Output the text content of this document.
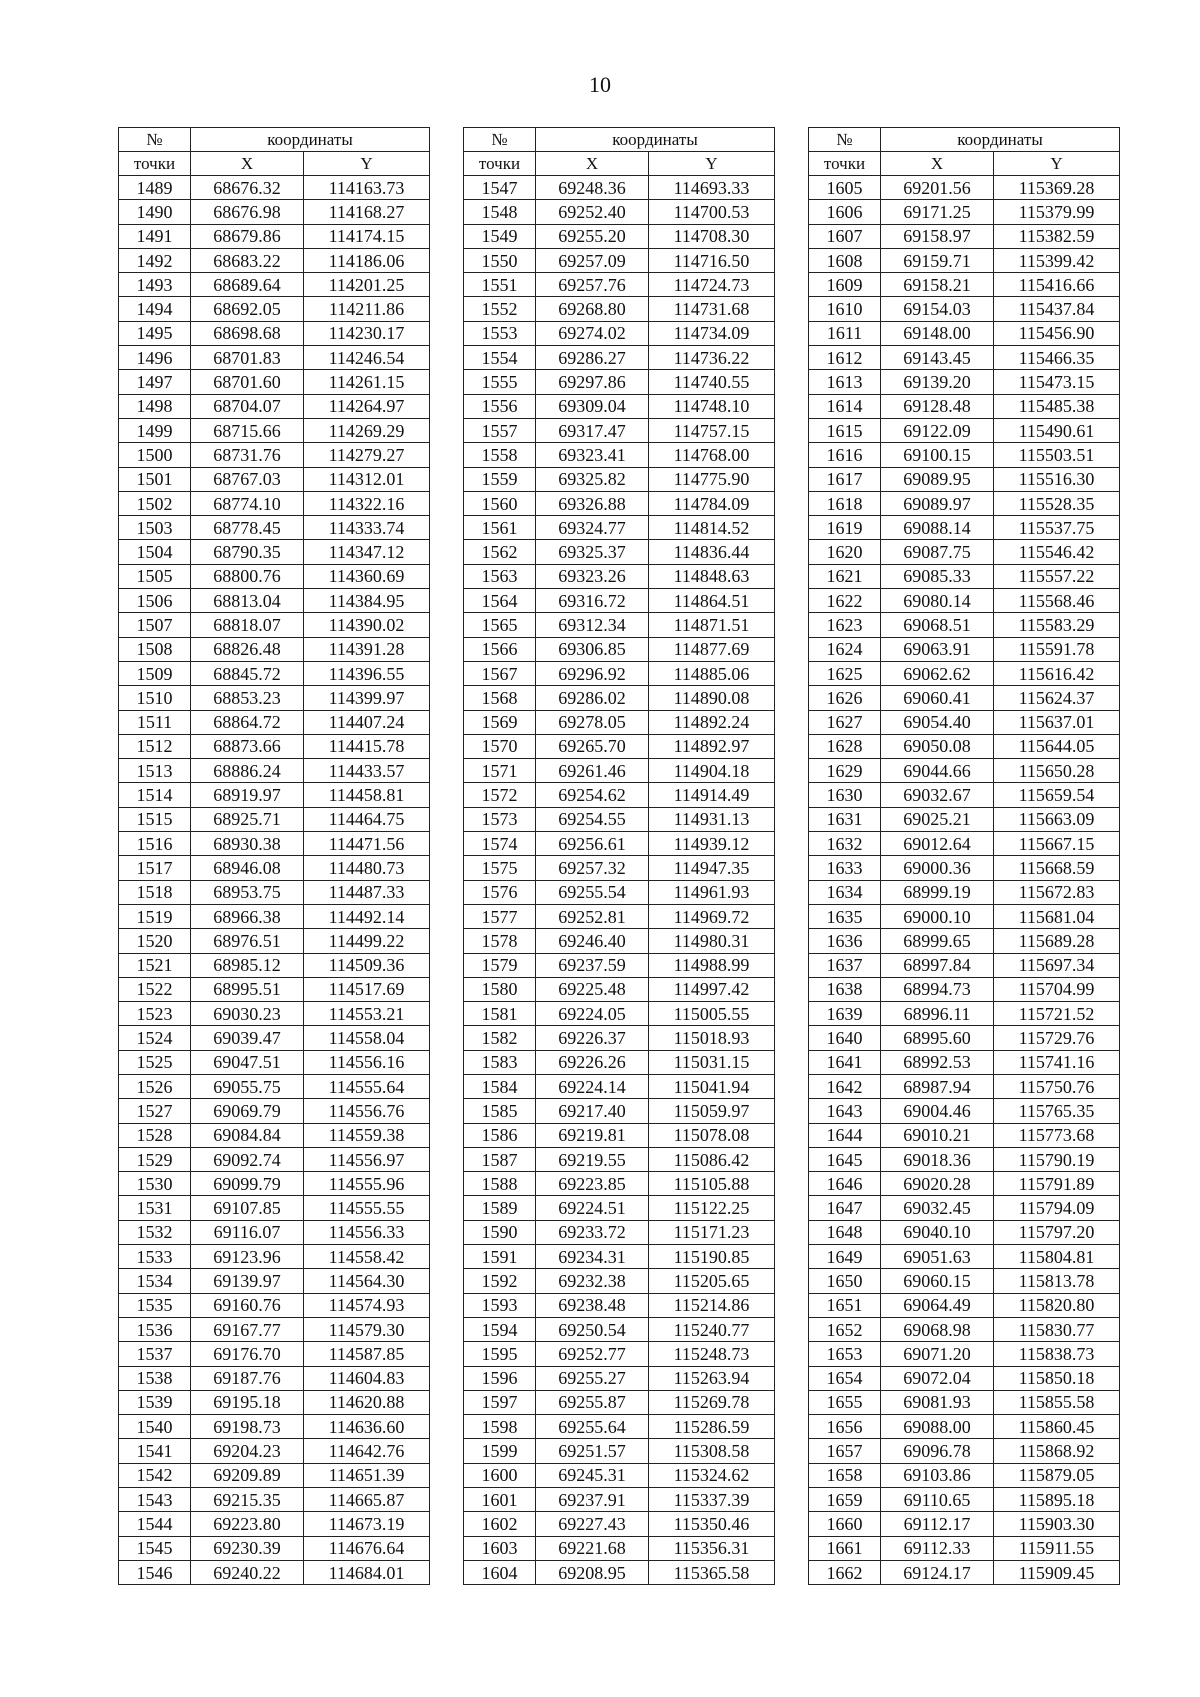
10
№	координаты	
точки	X	Y
1489	68676.32	114163.73
1490	68676.98	114168.27
1491	68679.86	114174.15
1492	68683.22	114186.06
1493	68689.64	114201.25
1494	68692.05	114211.86
1495	68698.68	114230.17
1496	68701.83	114246.54
1497	68701.60	114261.15
1498	68704.07	114264.97
1499	68715.66	114269.29
1500	68731.76	114279.27
1501	68767.03	114312.01
1502	68774.10	114322.16
1503	68778.45	114333.74
1504	68790.35	114347.12
1505	68800.76	114360.69
1506	68813.04	114384.95
1507	68818.07	114390.02
1508	68826.48	114391.28
1509	68845.72	114396.55
1510	68853.23	114399.97
1511	68864.72	114407.24
1512	68873.66	114415.78
1513	68886.24	114433.57
1514	68919.97	114458.81
1515	68925.71	114464.75
1516	68930.38	114471.56
1517	68946.08	114480.73
1518	68953.75	114487.33
1519	68966.38	114492.14
1520	68976.51	114499.22
1521	68985.12	114509.36
1522	68995.51	114517.69
1523	69030.23	114553.21
1524	69039.47	114558.04
1525	69047.51	114556.16
1526	69055.75	114555.64
1527	69069.79	114556.76
1528	69084.84	114559.38
1529	69092.74	114556.97
1530	69099.79	114555.96
1531	69107.85	114555.55
1532	69116.07	114556.33
1533	69123.96	114558.42
1534	69139.97	114564.30
1535	69160.76	114574.93
1536	69167.77	114579.30
1537	69176.70	114587.85
1538	69187.76	114604.83
1539	69195.18	114620.88
1540	69198.73	114636.60
1541	69204.23	114642.76
1542	69209.89	114651.39
1543	69215.35	114665.87
1544	69223.80	114673.19
1545	69230.39	114676.64
1546	69240.22	114684.01
№	координаты	
точки	X	Y
1547	69248.36	114693.33
1548	69252.40	114700.53
1549	69255.20	114708.30
1550	69257.09	114716.50
1551	69257.76	114724.73
1552	69268.80	114731.68
1553	69274.02	114734.09
1554	69286.27	114736.22
1555	69297.86	114740.55
1556	69309.04	114748.10
1557	69317.47	114757.15
1558	69323.41	114768.00
1559	69325.82	114775.90
1560	69326.88	114784.09
1561	69324.77	114814.52
1562	69325.37	114836.44
1563	69323.26	114848.63
1564	69316.72	114864.51
1565	69312.34	114871.51
1566	69306.85	114877.69
1567	69296.92	114885.06
1568	69286.02	114890.08
1569	69278.05	114892.24
1570	69265.70	114892.97
1571	69261.46	114904.18
1572	69254.62	114914.49
1573	69254.55	114931.13
1574	69256.61	114939.12
1575	69257.32	114947.35
1576	69255.54	114961.93
1577	69252.81	114969.72
1578	69246.40	114980.31
1579	69237.59	114988.99
1580	69225.48	114997.42
1581	69224.05	115005.55
1582	69226.37	115018.93
1583	69226.26	115031.15
1584	69224.14	115041.94
1585	69217.40	115059.97
1586	69219.81	115078.08
1587	69219.55	115086.42
1588	69223.85	115105.88
1589	69224.51	115122.25
1590	69233.72	115171.23
1591	69234.31	115190.85
1592	69232.38	115205.65
1593	69238.48	115214.86
1594	69250.54	115240.77
1595	69252.77	115248.73
1596	69255.27	115263.94
1597	69255.87	115269.78
1598	69255.64	115286.59
1599	69251.57	115308.58
1600	69245.31	115324.62
1601	69237.91	115337.39
1602	69227.43	115350.46
1603	69221.68	115356.31
1604	69208.95	115365.58
№	координаты	
точки	X	Y
1605	69201.56	115369.28
1606	69171.25	115379.99
1607	69158.97	115382.59
1608	69159.71	115399.42
1609	69158.21	115416.66
1610	69154.03	115437.84
1611	69148.00	115456.90
1612	69143.45	115466.35
1613	69139.20	115473.15
1614	69128.48	115485.38
1615	69122.09	115490.61
1616	69100.15	115503.51
1617	69089.95	115516.30
1618	69089.97	115528.35
1619	69088.14	115537.75
1620	69087.75	115546.42
1621	69085.33	115557.22
1622	69080.14	115568.46
1623	69068.51	115583.29
1624	69063.91	115591.78
1625	69062.62	115616.42
1626	69060.41	115624.37
1627	69054.40	115637.01
1628	69050.08	115644.05
1629	69044.66	115650.28
1630	69032.67	115659.54
1631	69025.21	115663.09
1632	69012.64	115667.15
1633	69000.36	115668.59
1634	68999.19	115672.83
1635	69000.10	115681.04
1636	68999.65	115689.28
1637	68997.84	115697.34
1638	68994.73	115704.99
1639	68996.11	115721.52
1640	68995.60	115729.76
1641	68992.53	115741.16
1642	68987.94	115750.76
1643	69004.46	115765.35
1644	69010.21	115773.68
1645	69018.36	115790.19
1646	69020.28	115791.89
1647	69032.45	115794.09
1648	69040.10	115797.20
1649	69051.63	115804.81
1650	69060.15	115813.78
1651	69064.49	115820.80
1652	69068.98	115830.77
1653	69071.20	115838.73
1654	69072.04	115850.18
1655	69081.93	115855.58
1656	69088.00	115860.45
1657	69096.78	115868.92
1658	69103.86	115879.05
1659	69110.65	115895.18
1660	69112.17	115903.30
1661	69112.33	115911.55
1662	69124.17	115909.45
